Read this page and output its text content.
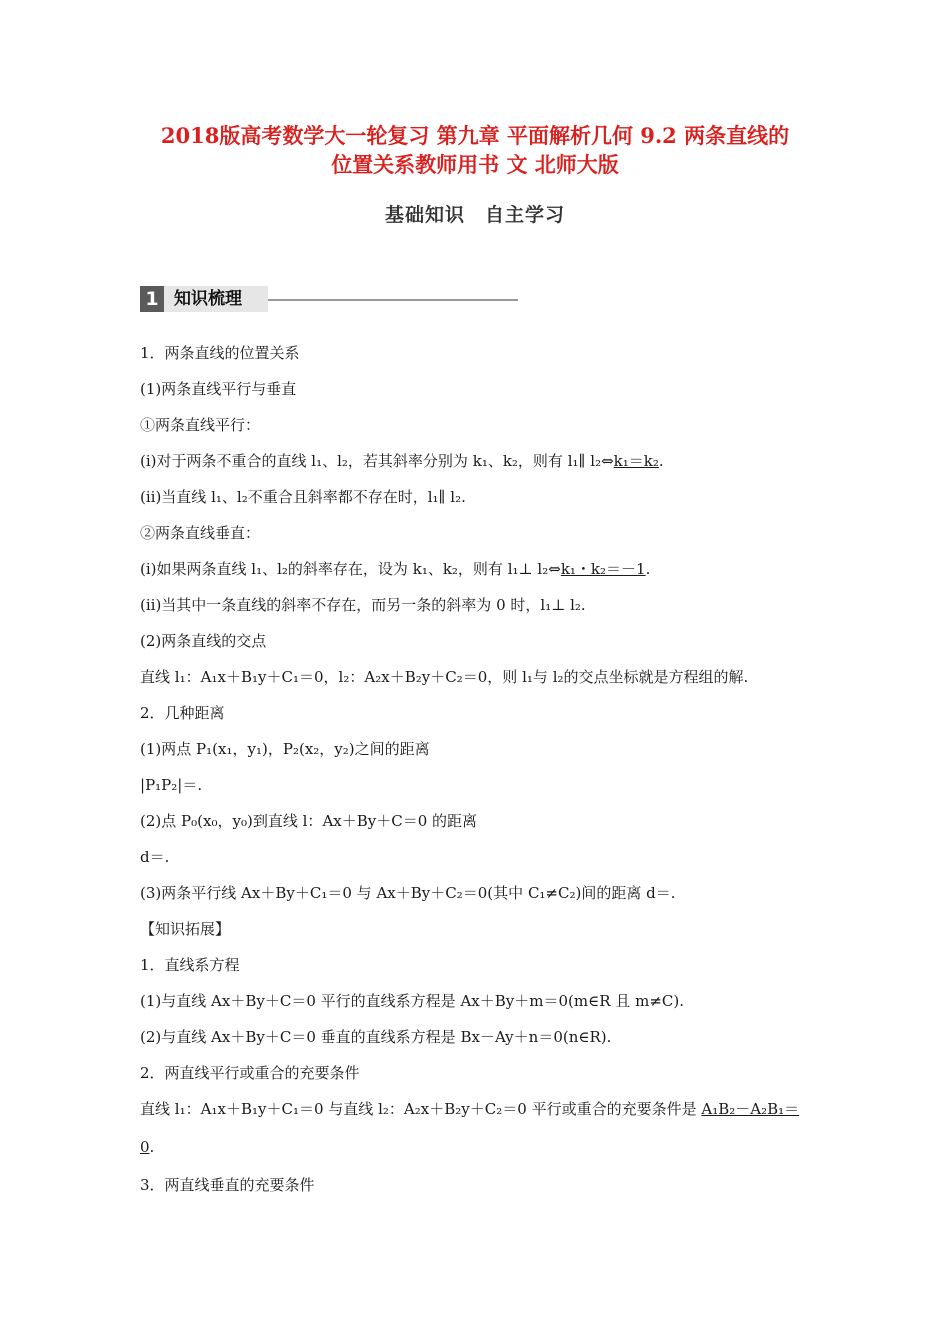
2018版高考数学大一轮复习 第九章 平面解析几何 9.2 两条直线的
位置关系教师用书 文 北师大版
基础知识　自主学习
1 知识梳理
1．两条直线的位置关系
(1)两条直线平行与垂直
①两条直线平行：
(ⅰ)对于两条不重合的直线 l₁、l₂，若其斜率分别为 k₁、k₂，则有 l₁∥ l₂⇔k₁＝k₂.
(ⅱ)当直线 l₁、l₂不重合且斜率都不存在时，l₁∥ l₂.
②两条直线垂直：
(ⅰ)如果两条直线 l₁、l₂的斜率存在，设为 k₁、k₂，则有 l₁⊥ l₂⇔k₁・k₂＝－1.
(ⅱ)当其中一条直线的斜率不存在，而另一条的斜率为 0 时，l₁⊥ l₂.
(2)两条直线的交点
直线 l₁：A₁x＋B₁y＋C₁＝0，l₂：A₂x＋B₂y＋C₂＝0，则 l₁与 l₂的交点坐标就是方程组的解.
2．几种距离
(1)两点 P₁(x₁，y₁)，P₂(x₂，y₂)之间的距离
|P₁P₂|＝.
(2)点 P₀(x₀，y₀)到直线 l：Ax＋By＋C＝0 的距离
d＝.
(3)两条平行线 Ax＋By＋C₁＝0 与 Ax＋By＋C₂＝0(其中 C₁≠C₂)间的距离 d＝.
【知识拓展】
1．直线系方程
(1)与直线 Ax＋By＋C＝0 平行的直线系方程是 Ax＋By＋m＝0(m∈R 且 m≠C).
(2)与直线 Ax＋By＋C＝0 垂直的直线系方程是 Bx－Ay＋n＝0(n∈R).
2．两直线平行或重合的充要条件
直线 l₁：A₁x＋B₁y＋C₁＝0 与直线 l₂：A₂x＋B₂y＋C₂＝0 平行或重合的充要条件是 A₁B₂－A₂B₁＝
0.
3．两直线垂直的充要条件
